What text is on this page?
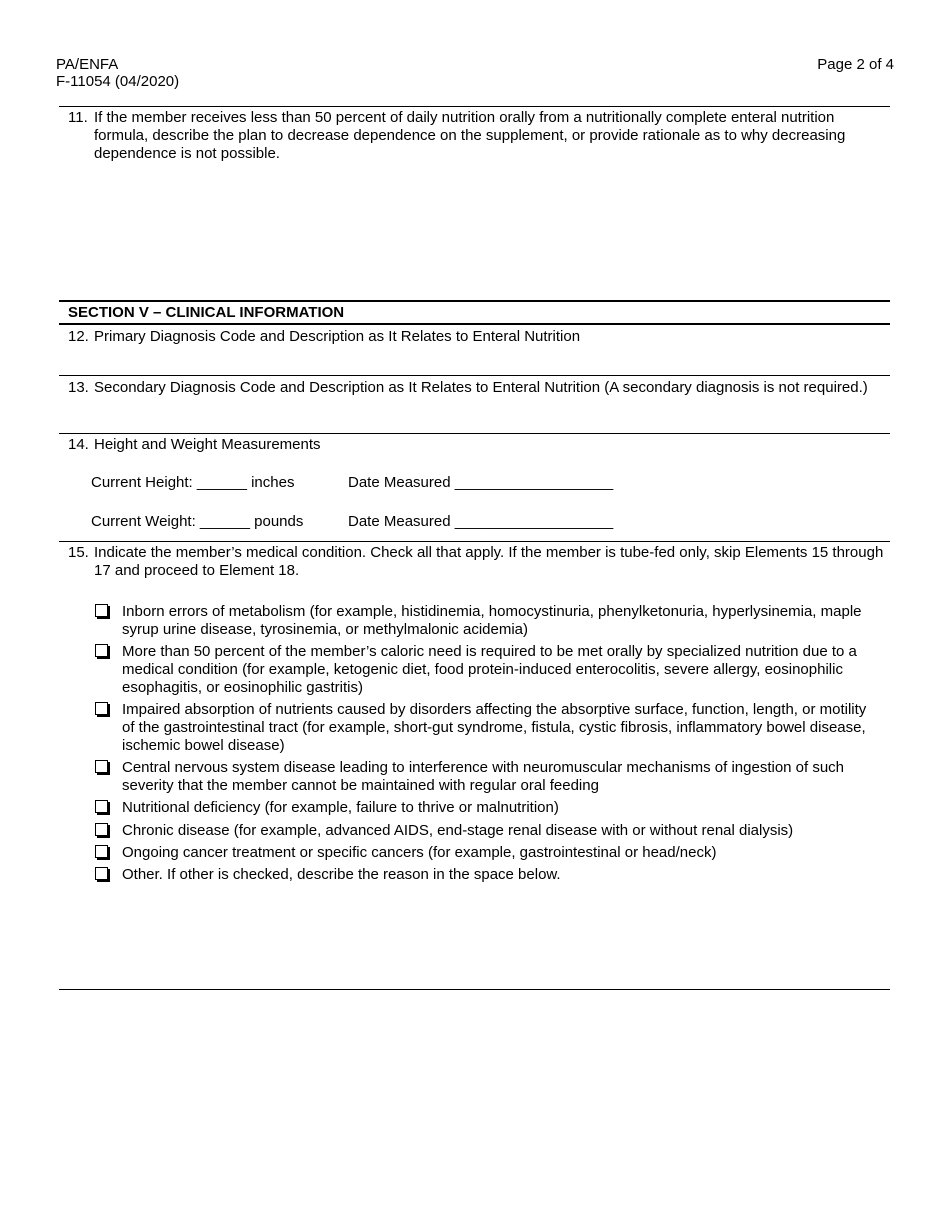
PA/ENFA
F-11054 (04/2020)
Page 2 of 4
11. If the member receives less than 50 percent of daily nutrition orally from a nutritionally complete enteral nutrition formula, describe the plan to decrease dependence on the supplement, or provide rationale as to why decreasing dependence is not possible.
SECTION V – CLINICAL INFORMATION
12. Primary Diagnosis Code and Description as It Relates to Enteral Nutrition
13. Secondary Diagnosis Code and Description as It Relates to Enteral Nutrition (A secondary diagnosis is not required.)
14. Height and Weight Measurements
Current Height: ______ inches	Date Measured ___________________
Current Weight: ______ pounds	Date Measured ___________________
15. Indicate the member’s medical condition. Check all that apply. If the member is tube-fed only, skip Elements 15 through 17 and proceed to Element 18.
Inborn errors of metabolism (for example, histidinemia, homocystinuria, phenylketonuria, hyperlysinemia, maple syrup urine disease, tyrosinemia, or methylmalonic acidemia)
More than 50 percent of the member’s caloric need is required to be met orally by specialized nutrition due to a medical condition (for example, ketogenic diet, food protein-induced enterocolitis, severe allergy, eosinophilic esophagitis, or eosinophilic gastritis)
Impaired absorption of nutrients caused by disorders affecting the absorptive surface, function, length, or motility of the gastrointestinal tract (for example, short-gut syndrome, fistula, cystic fibrosis, inflammatory bowel disease, ischemic bowel disease)
Central nervous system disease leading to interference with neuromuscular mechanisms of ingestion of such severity that the member cannot be maintained with regular oral feeding
Nutritional deficiency (for example, failure to thrive or malnutrition)
Chronic disease (for example, advanced AIDS, end-stage renal disease with or without renal dialysis)
Ongoing cancer treatment or specific cancers (for example, gastrointestinal or head/neck)
Other. If other is checked, describe the reason in the space below.
